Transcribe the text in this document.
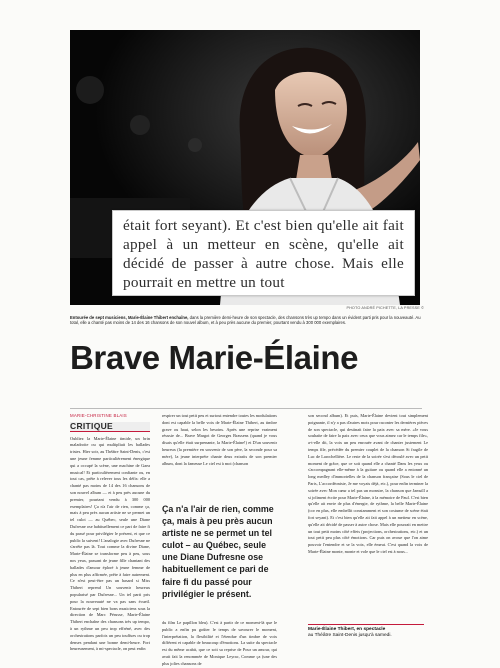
PHOTO ANDRÉ PICHETTE, LA PRESSE ©
Entourée de sept musiciens, Marie-Élaine Thibert enchaîne, dans la première demi-heure de son spectacle, des chansons très up tempo dans un évident parti pris pour la nouveauté. Au total, elle a chanté pas moins de 14 des 16 chansons de son nouvel album, et à peu près aucune du premier, pourtant vendu à 300 000 exemplaires.
Brave Marie-Élaine
MARIE-CHRISTINE BLAIS
CRITIQUE

Oubliez la Marie-Élaine timide, un brin maladroite ou qui multipliait les ballades tristes. Hier soir, au Théâtre Saint-Denis, c'est une jeune femme particulièrement énergique qui a occupé la scène, une machine de Gaea musical! Et particulièrement confiante ou, en tout cas, prête à relever tous les défis: elle a chanté pas moins de 14 des 16 chansons de son nouvel album — et à peu près aucune du premier, pourtant vendu à 300 000 exemplaires! Ça n'a l'air de rien, comme ça, mais à peu près aucun artiste ne se permet un tel culot — au Québec, seule une Diane Dufresne ose habituellement ce pari de faire fi du passé pour privilégier le présent, et que ce public la suivent! L'analogie avec Dufresne ne s'arrête pas là. Tout comme la divine Diane, Marie-Élaine se transforme peu à peu, sous nos yeux, passant de jeune fille chantant des ballades d'amour éploré à jeune femme de plus en plus affirmée, prête à faire autrement. Ce n'est peut-être pas un hasard si Miss Thibert reprend Un souvenir heureux popularisé par Dufresne... Un tel parti pris pour la nouveauté ne va pas sans écueil. Entourée de sept bien bons musiciens sous la direction de Marc Pérusse, Marie-Élaine Thibert enchaîne des chansons très up tempo, à un rythme un peu trop effréné, avec des orchestrations parfois un peu touffues ou trop denses pendant une bonne demi-heure. Fort heureusement, à mi-spectacle, on peut enfin

respirer un tout petit peu et surtout entendre toutes les modulations dont est capable la belle voix de Marie-Élaine Thibert, au timbre grave ou haut, selon les besoins. Après une reprise vraiment réussie de... Brave Margot de Georges Brassens (quand je vous disais qu'elle était surprenante, la Marie-Élaine!) et D'un souvenir heureux (la première en souvenir de son père, la seconde pour sa mère), la jeune interprète chante deux extraits de son premier album, dont la fameuse Le ciel est à moi (chanson

Ça n'a l'air de rien, comme ça, mais à peu près aucun artiste ne se permet un tel culot – au Québec, seule une Diane Dufresne ose habituellement ce pari de faire fi du passé pour privilégier le présent.
du film Le papillon bleu). C'est à partir de ce moment-là que le public a enfin pu goûter le temps de savourer le moment, l'interprétation, la flexibilité et l'étendue d'un timbre de voix différent et capable de beaucoup d'émotions. La suite du spectacle est du même acabit, que ce soit sa reprise de Pour un amour, qui avait fait la renommée de Monique Leyrac, Comme ça (une des plus jolies chansons de

son second album). Et puis, Marie-Élaine devient tout simplement poignante, il n'y a pas d'autres mots pour raconter les dernières pièces de son spectacle, qui destinait faire la paix avec sa mère. «Je vous souhaite de faire la paix avec ceux que vous aimez car le temps file», a-t-elle dit, la voix un peu enrouée avant de chanter justement Le temps file, précédée du premier couplet de la chanson Si fragile de Luc de Larochellière. Le reste de la soirée s'est déroulé avec un petit moment de grâce, que ce soit quand elle a chanté Dans les yeux ou s'accompagnant elle-même à la guitare ou quand elle a entonné un long medley d'immortelles de la chanson française (Sous le ciel de Paris, L'accordéoniste, Je me voyais déjà, etc.), pour enfin terminer la soirée avec Mon cœur a tel pas un monstre, la chanson que Jamsill a si joliment écrite pour Marie-Élaine, à la mémoire de Paul. C'est bien qu'elle ait envie de plus d'énergie, de rythme, la belle Marie-Élaine (cor en plus, elle embellit constamment et son costume de scène était fort seyant). Et c'est bien qu'elle ait fait appel à un metteur en scène, qu'elle ait décidé de passer à autre chose. Mais elle pourrait en mettre un tout petit moins côté effets (projections, orchestrations, etc.) et un tout petit peu plus côté émotions. Car puis on avoue que l'on aime pouvoir l'entendre et se la voix, elle émeut. C'est quand la voix de Marie-Élaine monte, monte et vole que le ciel est à nous...

Marie-Élaine Thibert, en spectacle
au Théâtre Saint-Denis jusqu'à samedi.
était fort seyant). Et c'est bien qu'elle ait fait appel à un metteur en scène, qu'elle ait décidé de passer à autre chose. Mais elle pourrait en mettre un tout
